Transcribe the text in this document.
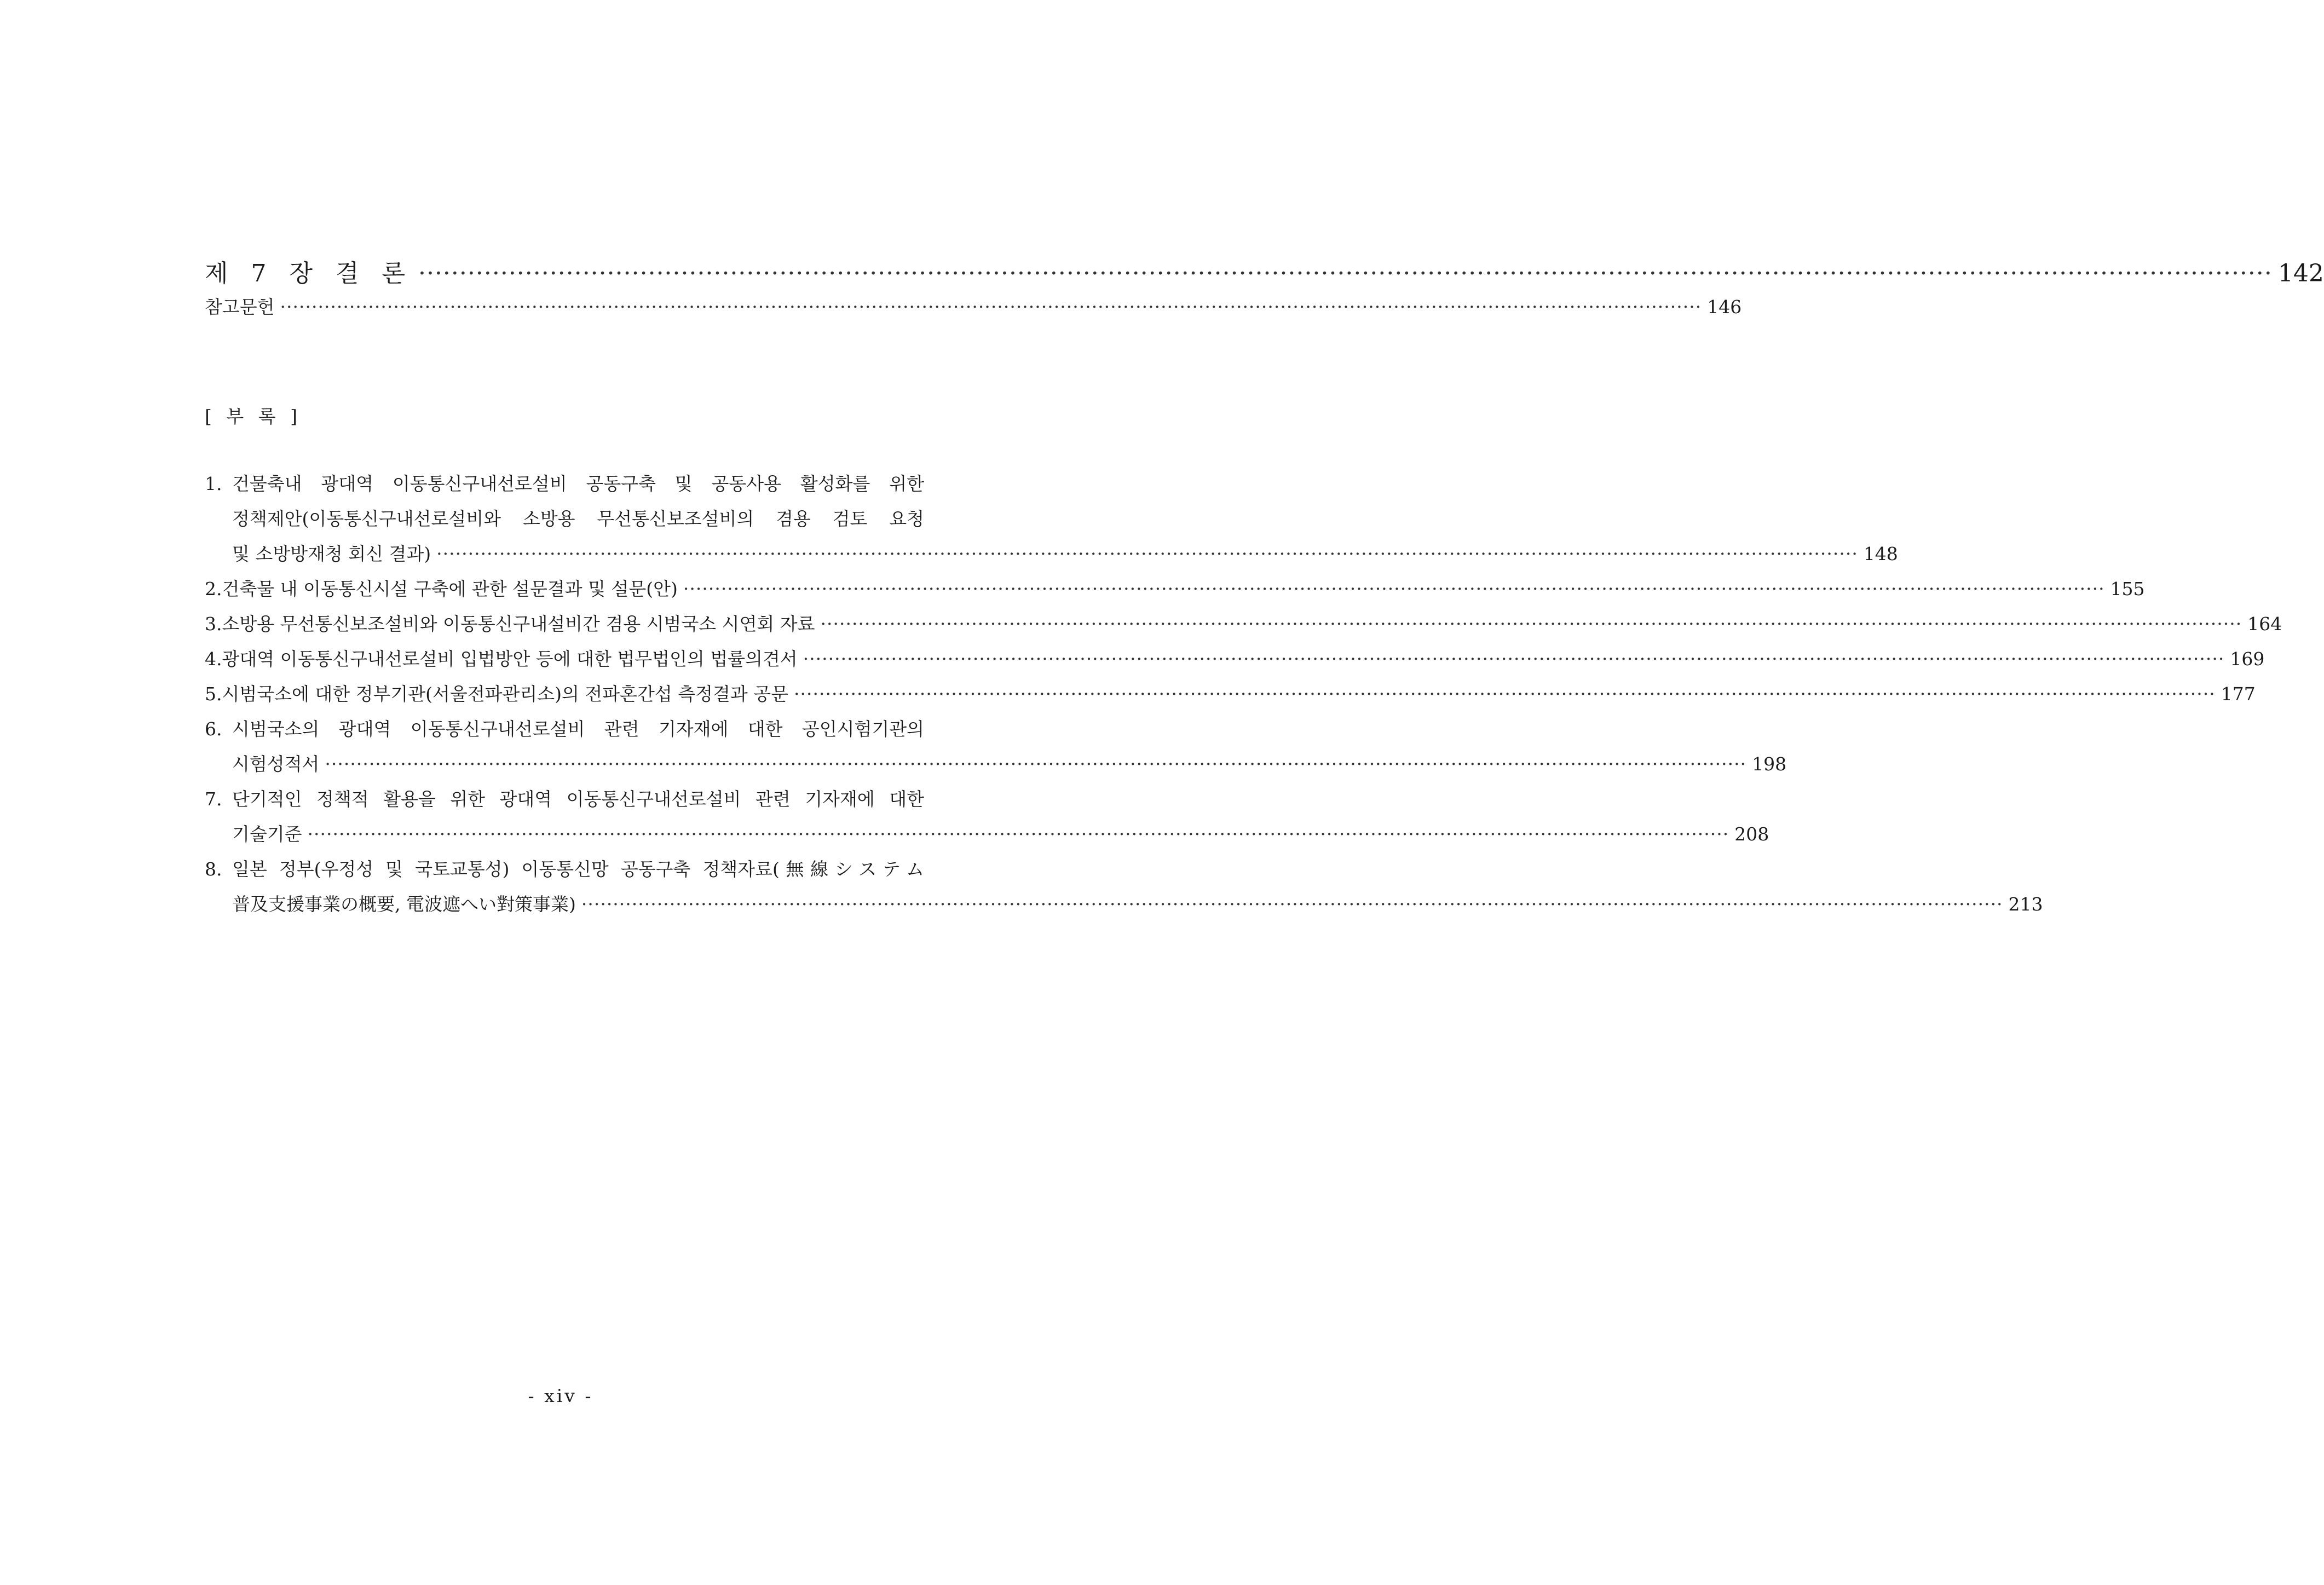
제 7 장 결 론 ·····	142
참고문헌 ·····	146
[ 부 록 ]
1. 건물축내 광대역 이동통신구내선로설비 공동구축 및 공동사용 활성화를 위한
정책제안(이동통신구내선로설비와 소방용 무선통신보조설비의 겸용 검토 요청
및 소방방재청 회신 결과) ·····	148
2. 건축물 내 이동통신시설 구축에 관한 설문결과 및 설문(안) ·····	155
3. 소방용 무선통신보조설비와 이동통신구내설비간 겸용 시범국소 시연회 자료 ·····	164
4. 광대역 이동통신구내선로설비 입법방안 등에 대한 법무법인의 법률의견서 ·····	169
5. 시범국소에 대한 정부기관(서울전파관리소)의 전파혼간섭 측정결과 공문 ·····	177
6. 시범국소의 광대역 이동통신구내선로설비 관련 기자재에 대한 공인시험기관의
시험성적서 ·····	198
7. 단기적인 정책적 활용을 위한 광대역 이동통신구내선로설비 관련 기자재에 대한
기술기준 ·····	208
8. 일본 정부(우정성 및 국토교통성) 이동통신망 공동구축 정책자료(無線システム
普及支援事業の概要, 電波遮へい對策事業) ·····	213
- xiv -
